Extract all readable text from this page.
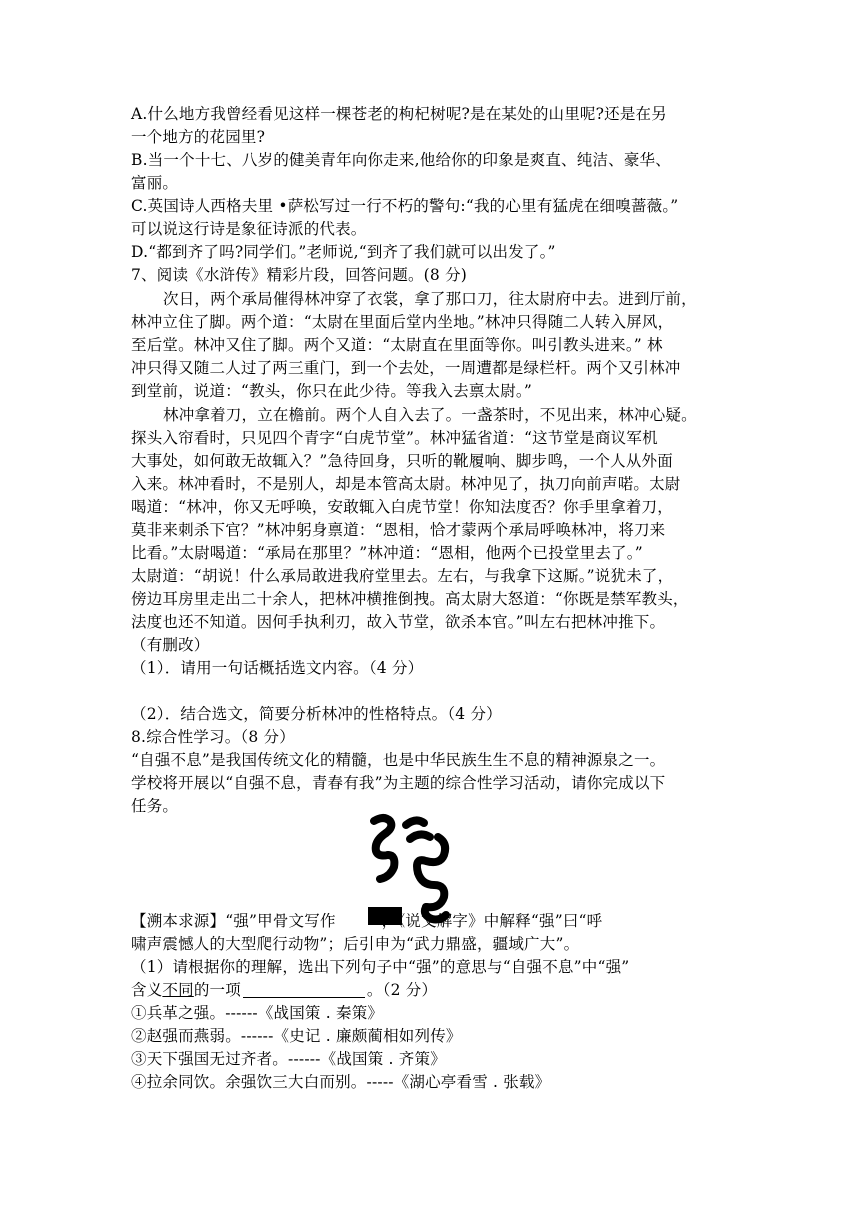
A.什么地方我曾经看见这样一棵苍老的枸杞树呢?是在某处的山里呢?还是在另
一个地方的花园里?
B.当一个十七、八岁的健美青年向你走来,他给你的印象是爽直、纯洁、豪华、
富丽。
C.英国诗人西格夫里 •萨松写过一行不朽的警句:“我的心里有猛虎在细嗅蔷薇。”
可以说这行诗是象征诗派的代表。
D.“都到齐了吗?同学们。”老师说,“到齐了我们就可以出发了。”
7、阅读《水浒传》精彩片段，回答问题。(8 分)
次日，两个承局催得林冲穿了衣裳，拿了那口刀，往太尉府中去。进到厅前，
林冲立住了脚。两个道：“太尉在里面后堂内坐地。”林冲只得随二人转入屏风，
至后堂。林冲又住了脚。两个又道：“太尉直在里面等你。叫引教头进来。” 林
冲只得又随二人过了两三重门，到一个去处，一周遭都是绿栏杆。两个又引林冲
到堂前，说道：“教头，你只在此少待。等我入去禀太尉。”
林冲拿着刀，立在檐前。两个人自入去了。一盏茶时，不见出来，林冲心疑。
探头入帘看时，只见四个青字“白虎节堂”。林冲猛省道：“这节堂是商议军机
大事处，如何敢无故辄入？”急待回身，只听的靴履响、脚步鸣，一个人从外面
入来。林冲看时，不是别人，却是本管高太尉。林冲见了，执刀向前声喏。太尉
喝道：“林冲，你又无呼唤，安敢辄入白虎节堂！你知法度否？你手里拿着刀，
莫非来刺杀下官？”林冲躬身禀道：“恩相，恰才蒙两个承局呼唤林冲，将刀来
比看。”太尉喝道：“承局在那里？”林冲道：“恩相，他两个已投堂里去了。”
太尉道：“胡说！什么承局敢进我府堂里去。左右，与我拿下这厮。”说犹未了，
傍边耳房里走出二十余人，把林冲横推倒拽。高太尉大怒道：“你既是禁军教头，
法度也还不知道。因何手执利刃，故入节堂，欲杀本官。”叫左右把林冲推下。
（有删改）
（1）．请用一句话概括选文内容。（4 分）
（2）．结合选文，简要分析林冲的性格特点。（4 分）
8.综合性学习。（8 分）
“自强不息”是我国传统文化的精髓，也是中华民族生生不息的精神源泉之一。
学校将开展以“自强不息，青春有我”为主题的综合性学习活动，请你完成以下
任务。
【溯本求源】“强”甲骨文写作	，《说文解字》中解释“强”曰“呼
啸声震憾人的大型爬行动物”；后引申为“武力鼎盛，疆域广大”。
（1）请根据你的理解，选出下列句子中“强”的意思与“自强不息”中“强”
含义不同的一项	。（2 分）
①兵革之强。------《战国策 . 秦策》
②赵强而燕弱。------《史记 . 廉颇蔺相如列传》
③天下强国无过齐者。------《战国策 . 齐策》
④拉余同饮。余强饮三大白而别。-----《湖心亭看雪 . 张载》
